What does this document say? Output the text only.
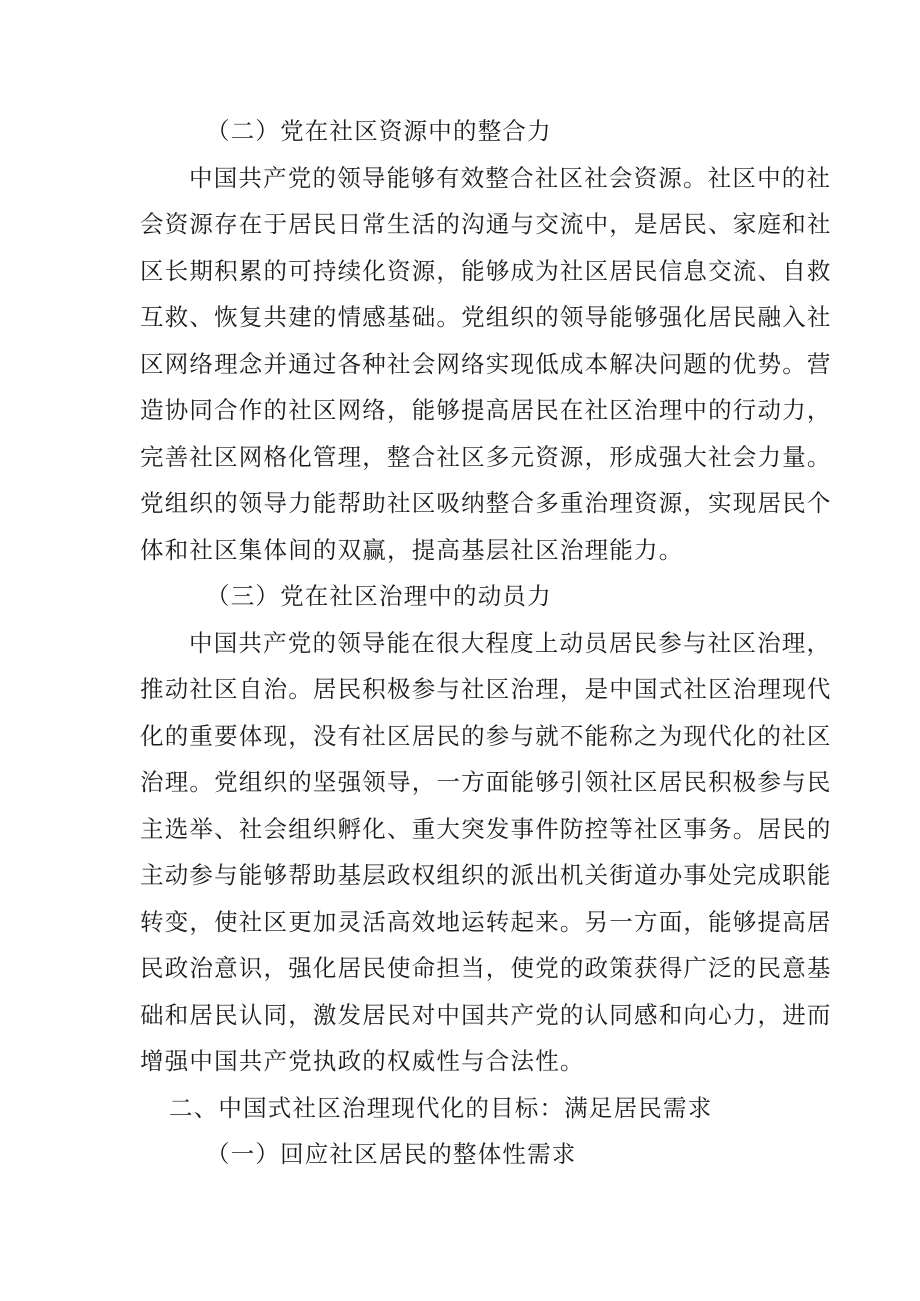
（二）党在社区资源中的整合力
中国共产党的领导能够有效整合社区社会资源。社区中的社
会资源存在于居民日常生活的沟通与交流中，是居民、家庭和社
区长期积累的可持续化资源，能够成为社区居民信息交流、自救
互救、恢复共建的情感基础。党组织的领导能够强化居民融入社
区网络理念并通过各种社会网络实现低成本解决问题的优势。营
造协同合作的社区网络，能够提高居民在社区治理中的行动力，
完善社区网格化管理，整合社区多元资源，形成强大社会力量。
党组织的领导力能帮助社区吸纳整合多重治理资源，实现居民个
体和社区集体间的双赢，提高基层社区治理能力。
（三）党在社区治理中的动员力
中国共产党的领导能在很大程度上动员居民参与社区治理，
推动社区自治。居民积极参与社区治理，是中国式社区治理现代
化的重要体现，没有社区居民的参与就不能称之为现代化的社区
治理。党组织的坚强领导，一方面能够引领社区居民积极参与民
主选举、社会组织孵化、重大突发事件防控等社区事务。居民的
主动参与能够帮助基层政权组织的派出机关街道办事处完成职能
转变，使社区更加灵活高效地运转起来。另一方面，能够提高居
民政治意识，强化居民使命担当，使党的政策获得广泛的民意基
础和居民认同，激发居民对中国共产党的认同感和向心力，进而
增强中国共产党执政的权威性与合法性。
二、中国式社区治理现代化的目标：满足居民需求
（一）回应社区居民的整体性需求
